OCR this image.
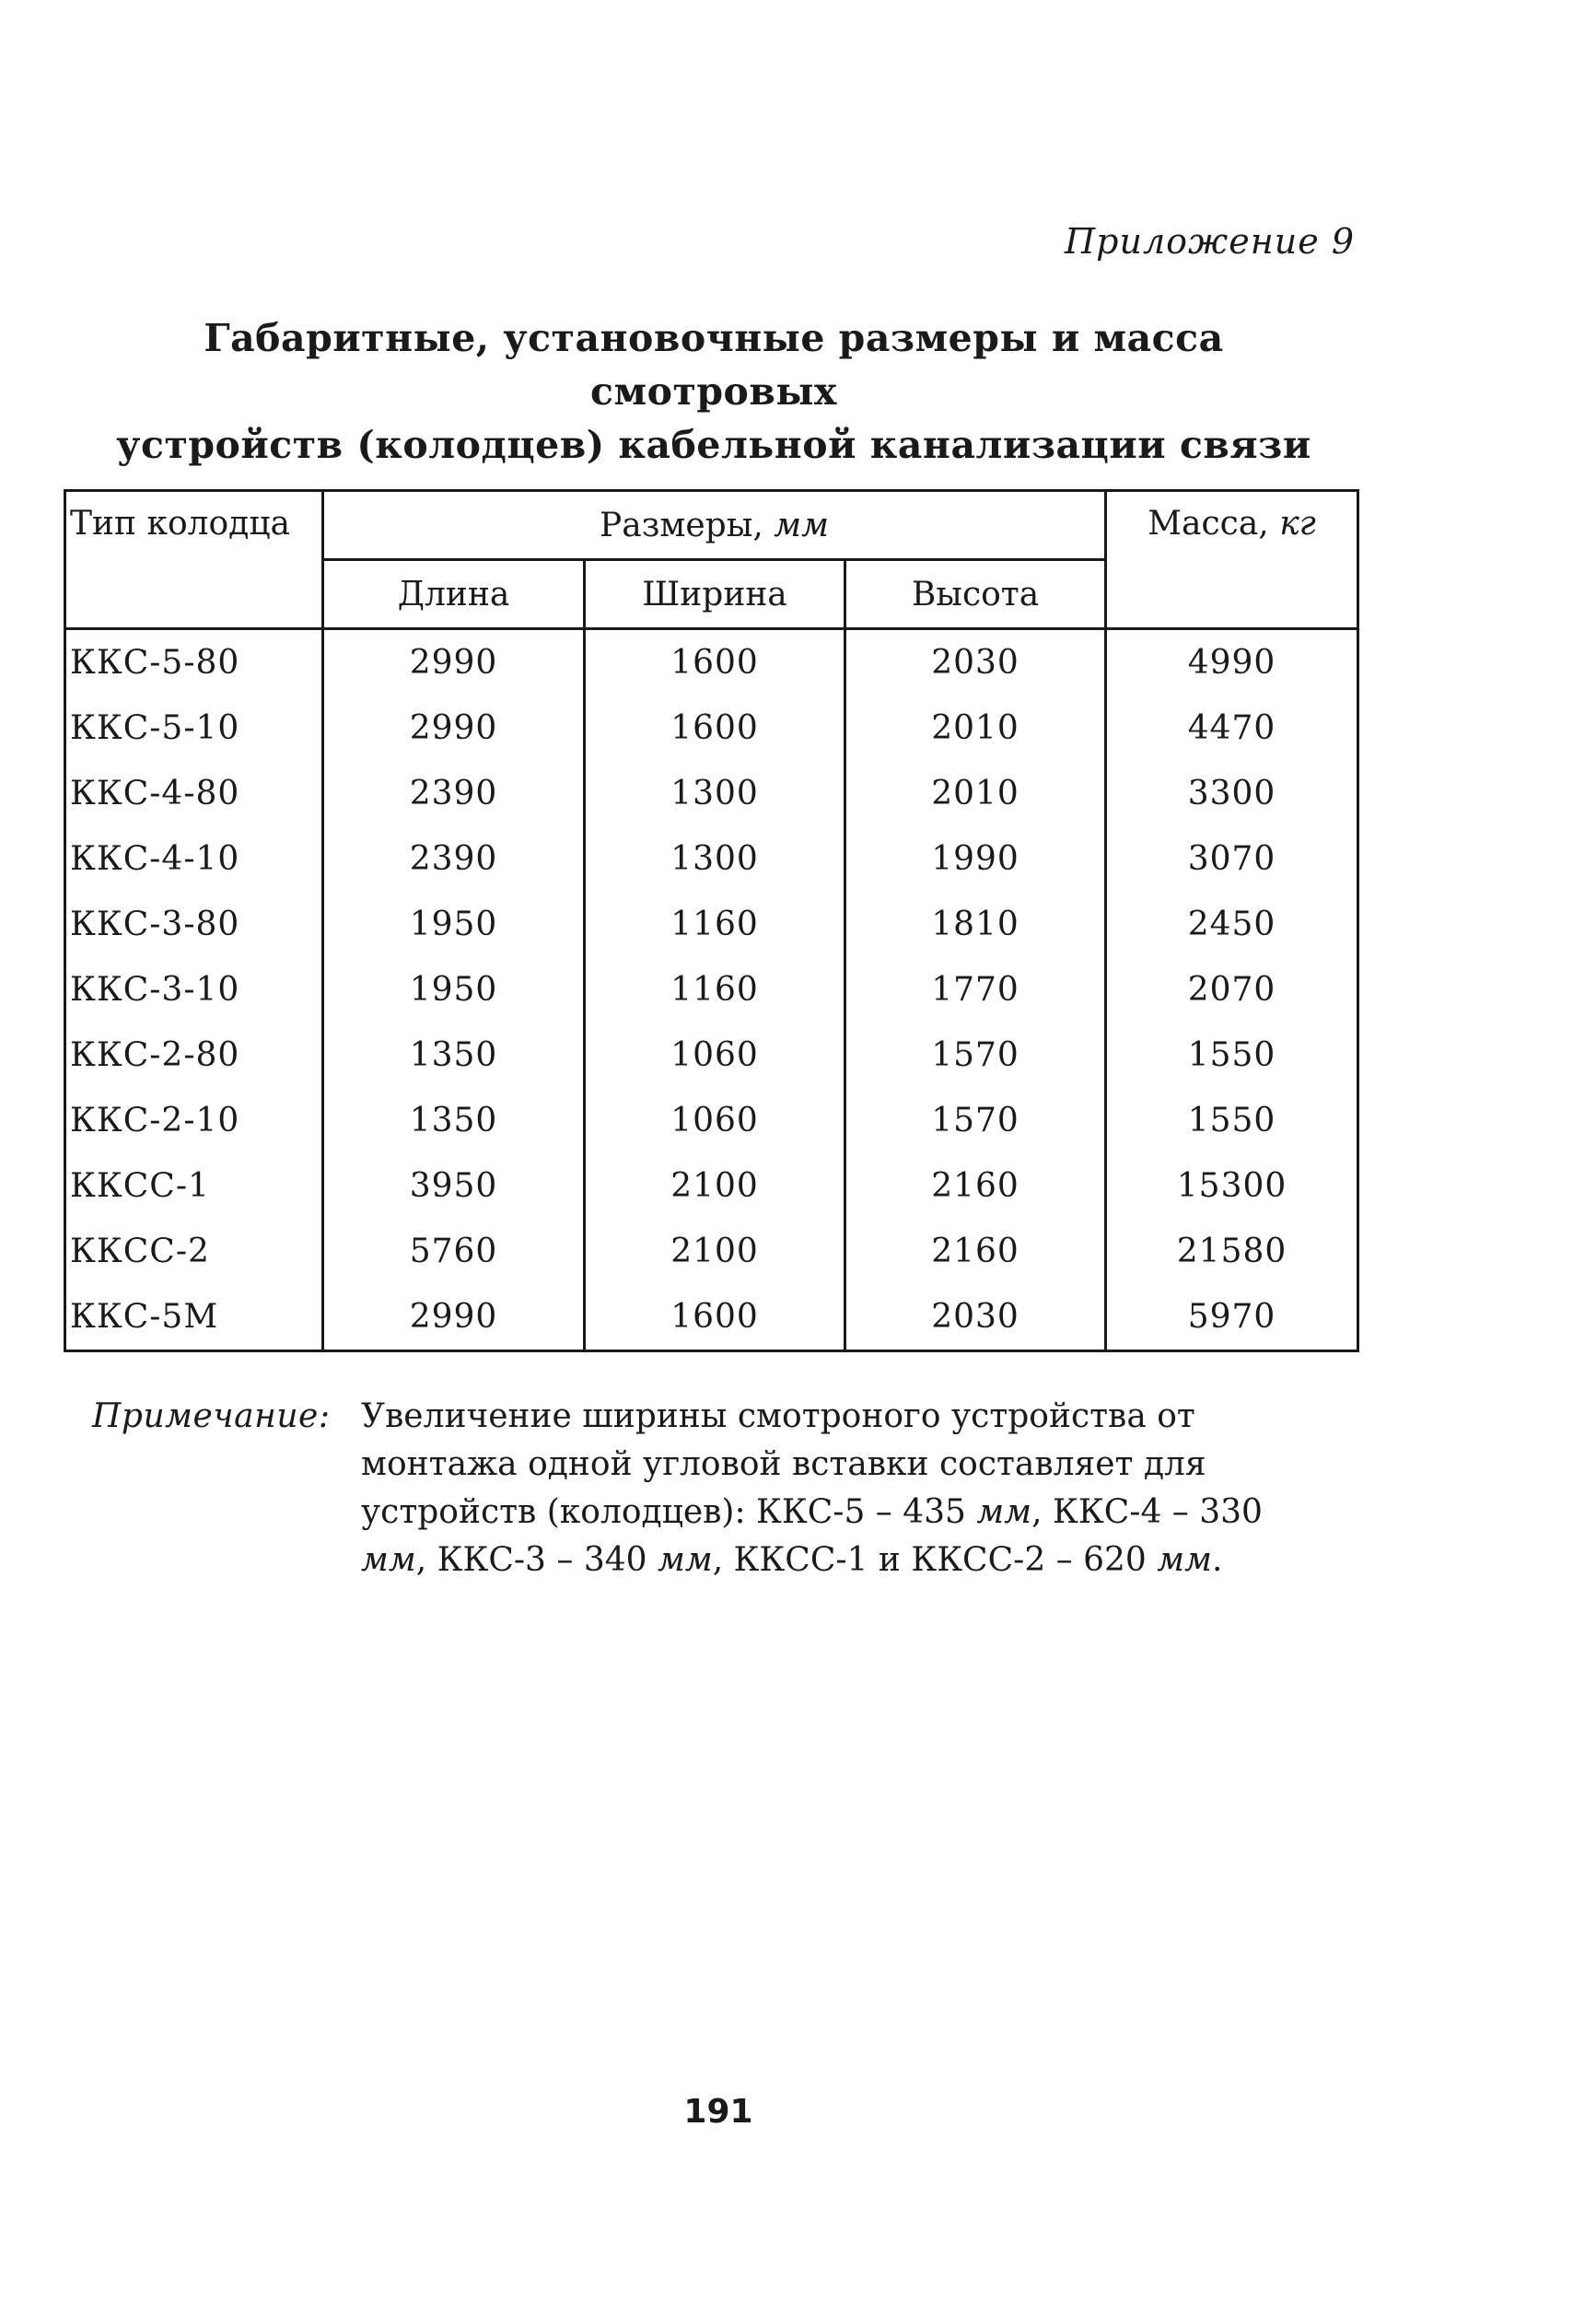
Приложение 9

Габаритные, установочные размеры и масса смотровых
устройств (колодцев) кабельной канализации связи
Тип колодца	Размеры, мм			Масса, кг
	Длина	Ширина	Высота	
ККС-5-80	2990	1600	2030	4990
ККС-5-10	2990	1600	2010	4470
ККС-4-80	2390	1300	2010	3300
ККС-4-10	2390	1300	1990	3070
ККС-3-80	1950	1160	1810	2450
ККС-3-10	1950	1160	1770	2070
ККС-2-80	1350	1060	1570	1550
ККС-2-10	1350	1060	1570	1550
ККСС-1	3950	2100	2160	15300
ККСС-2	5760	2100	2160	21580
ККС-5М	2990	1600	2030	5970
Примечание: Увеличение ширины смотроного устройства от
монтажа одной угловой вставки составляет для
устройств (колодцев): ККС-5 – 435 мм, ККС-4 – 330
мм, ККС-3 – 340 мм, ККСС-1 и ККСС-2 – 620 мм.

191
